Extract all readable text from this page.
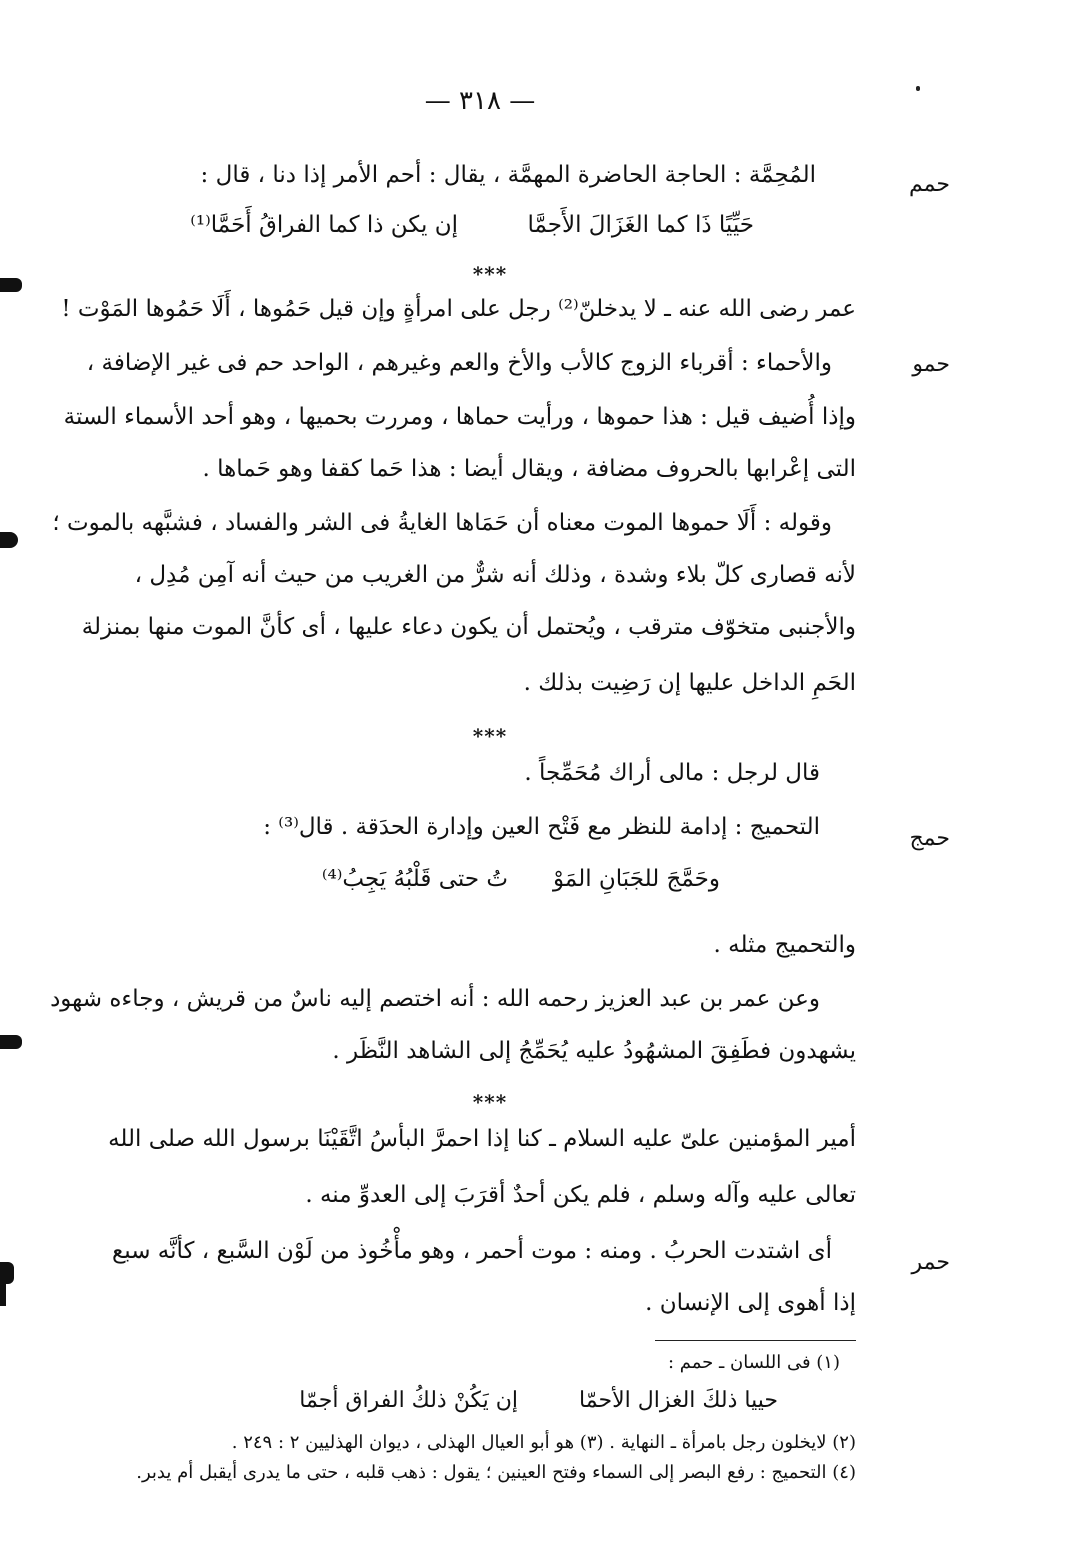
— ٣١٨ —
حمم
حمو
حمج
حمر
المُحِمَّة : الحاجة الحاضرة المهمَّة ، يقال : أحم الأمر إذا دنا ، قال :
حَيِّيًا ذَا كما الغَزَالَ الأَجمَّا
إن يكن ذا كما الفراقُ أَحَمَّا⁽¹⁾
***
عمر رضى الله عنه ـ لا يدخلنّ⁽²⁾ رجل على امرأةٍ وإن قيل حَمُوها ، أَلَا حَمُوها المَوْت !
والأحماء : أقرباء الزوج كالأب والأخ والعم وغيرهم ، الواحد حم فى غير الإضافة ،
وإذا أُضيف قيل : هذا حموها ، ورأيت حماها ، ومررت بحميها ، وهو أحد الأسماء الستة
التى إعْرابها بالحروف مضافة ، ويقال أيضا : هذا حَما كقفا وهو حَماها .
وقوله : أَلَا حموها الموت معناه أن حَمَاها الغايةُ فى الشر والفساد ، فشبَّهه بالموت ؛
لأنه قصارى كلّ بلاء وشدة ، وذلك أنه شرٌّ من الغريب من حيث أنه آمِن مُدِل ،
والأجنبى متخوّف مترقب ، ويُحتمل أن يكون دعاء عليها ، أى كأنَّ الموت منها بمنزلة
الحَمِ الداخل عليها إن رَضِيت بذلك .
***
قال لرجل : مالى أراك مُحَمِّجاً .
التحميج : إدامة للنظر مع فَتْح العين وإدارة الحدَقة . قال⁽³⁾ :
وحَمَّجَ للجَبَانِ المَوْ
تُ حتى قَلْبُهُ يَجِبُ⁽⁴⁾
والتحميج مثله .
وعن عمر بن عبد العزيز رحمه الله : أنه اختصم إليه ناسٌ من قريش ، وجاءه شهود
يشهدون فطَفِقَ المشهُودُ عليه يُحَمِّجُ إلى الشاهد النَّظَر .
***
أمير المؤمنين علىّ عليه السلام ـ كنا إذا احمرَّ البأسُ اتَّقَيْنَا برسول الله صلى الله
تعالى عليه وآله وسلم ، فلم يكن أحدٌ أقرَبَ إلى العدوِّ منه .
أى اشتدت الحربُ . ومنه : موت أحمر ، وهو مأْخُوذ من لَوْن السَّبع ، كأنَّه سبع
إذا أهوى إلى الإنسان .
(١) فى اللسان ـ حمم :
حييا ذلكَ الغزال الأحمّا
إن يَكُنْ ذلكُ الفراق أجمّا
(٢) لايخلون رجل بامرأة ـ النهاية . (٣) هو أبو العيال الهذلى ، ديوان الهذليين ٢ : ٢٤٩ .
(٤) التحميج : رفع البصر إلى السماء وفتح العينين ؛ يقول : ذهب قلبه ، حتى ما يدرى أيقبل أم يدبر.
